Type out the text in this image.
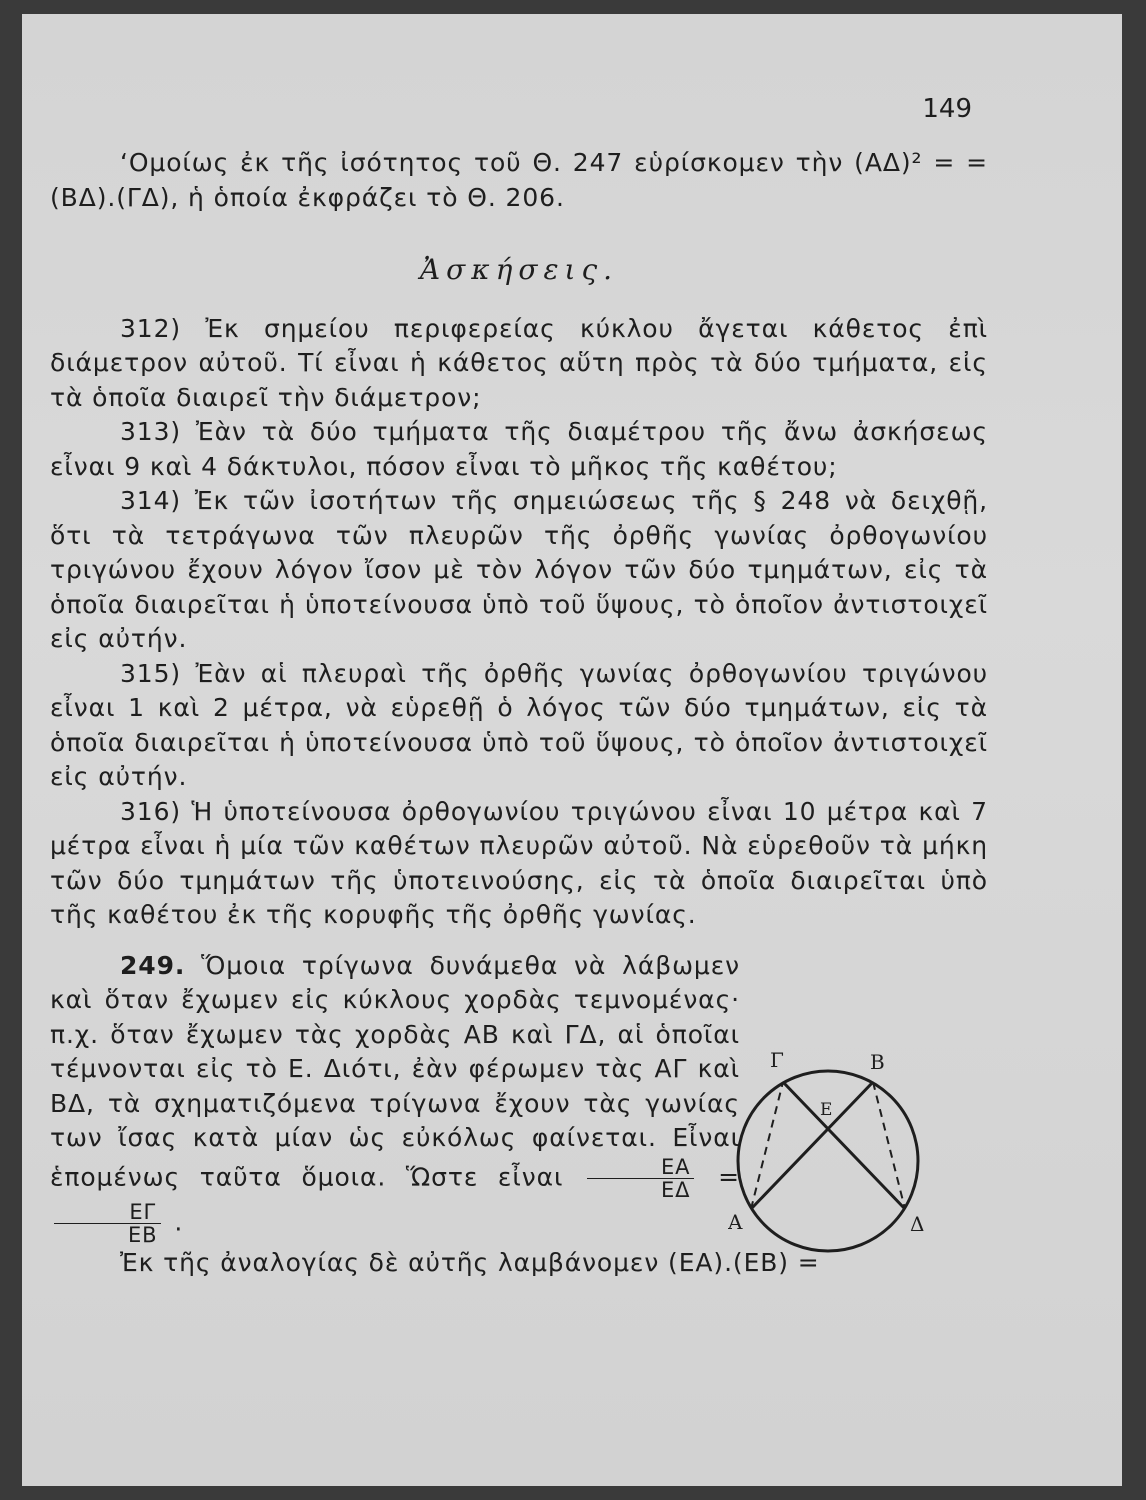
149

‘Ομοίως ἐκ τῆς ἰσότητος τοῦ Θ. 247 εὑρίσκομεν τὴν (ΑΔ)² = =(ΒΔ).(ΓΔ), ἡ ὁποία ἐκφράζει τὸ Θ. 206.

Ἀσκήσεις.

312) Ἐκ σημείου περιφερείας κύκλου ἄγεται κάθετος ἐπὶ διάμετρον αὐτοῦ. Τί εἶναι ἡ κάθετος αὕτη πρὸς τὰ δύο τμήματα, εἰς τὰ ὁποῖα διαιρεῖ τὴν διάμετρον;

313) Ἐὰν τὰ δύο τμήματα τῆς διαμέτρου τῆς ἄνω ἀσκήσεως εἶναι 9 καὶ 4 δάκτυλοι, πόσον εἶναι τὸ μῆκος τῆς καθέτου;

314) Ἐκ τῶν ἰσοτήτων τῆς σημειώσεως τῆς § 248 νὰ δειχθῇ, ὅτι τὰ τετράγωνα τῶν πλευρῶν τῆς ὀρθῆς γωνίας ὀρθογωνίου τριγώνου ἔχουν λόγον ἴσον μὲ τὸν λόγον τῶν δύο τμημάτων, εἰς τὰ ὁποῖα διαιρεῖται ἡ ὑποτείνουσα ὑπὸ τοῦ ὕψους, τὸ ὁποῖον ἀντιστοιχεῖ εἰς αὐτήν.

315) Ἐὰν αἱ πλευραὶ τῆς ὀρθῆς γωνίας ὀρθογωνίου τριγώνου εἶναι 1 καὶ 2 μέτρα, νὰ εὑρεθῇ ὁ λόγος τῶν δύο τμημάτων, εἰς τὰ ὁποῖα διαιρεῖται ἡ ὑποτείνουσα ὑπὸ τοῦ ὕψους, τὸ ὁποῖον ἀντιστοιχεῖ εἰς αὐτήν.

316) Ἡ ὑποτείνουσα ὀρθογωνίου τριγώνου εἶναι 10 μέτρα καὶ 7 μέτρα εἶναι ἡ μία τῶν καθέτων πλευρῶν αὐτοῦ. Νὰ εὑρεθοῦν τὰ μήκη τῶν δύο τμημάτων τῆς ὑποτεινούσης, εἰς τὰ ὁποῖα διαιρεῖται ὑπὸ τῆς καθέτου ἐκ τῆς κορυφῆς τῆς ὀρθῆς γωνίας.

Γ	Β
Ε
Α	Δ

249. Ὅμοια τρίγωνα δυνάμεθα νὰ λάβωμεν καὶ ὅταν ἔχωμεν εἰς κύκλους χορδὰς τεμνομένας· π.χ. ὅταν ἔχωμεν τὰς χορδὰς ΑΒ καὶ ΓΔ, αἱ ὁποῖαι τέμνονται εἰς τὸ Ε. Διότι, ἐὰν φέρωμεν τὰς ΑΓ καὶ ΒΔ, τὰ σχηματιζόμενα τρίγωνα ἔχουν τὰς γωνίας των ἴσας κατὰ μίαν ὡς εὐκόλως φαίνεται. Εἶναι ἑπομένως ταῦτα ὅμοια. Ὥστε εἶναι $\frac{EA}{E\Delta}$ =
$\frac{E\Gamma}{EB}$ .

Ἐκ τῆς ἀναλογίας δὲ αὐτῆς λαμβάνομεν (ΕΑ).(ΕΒ) =
